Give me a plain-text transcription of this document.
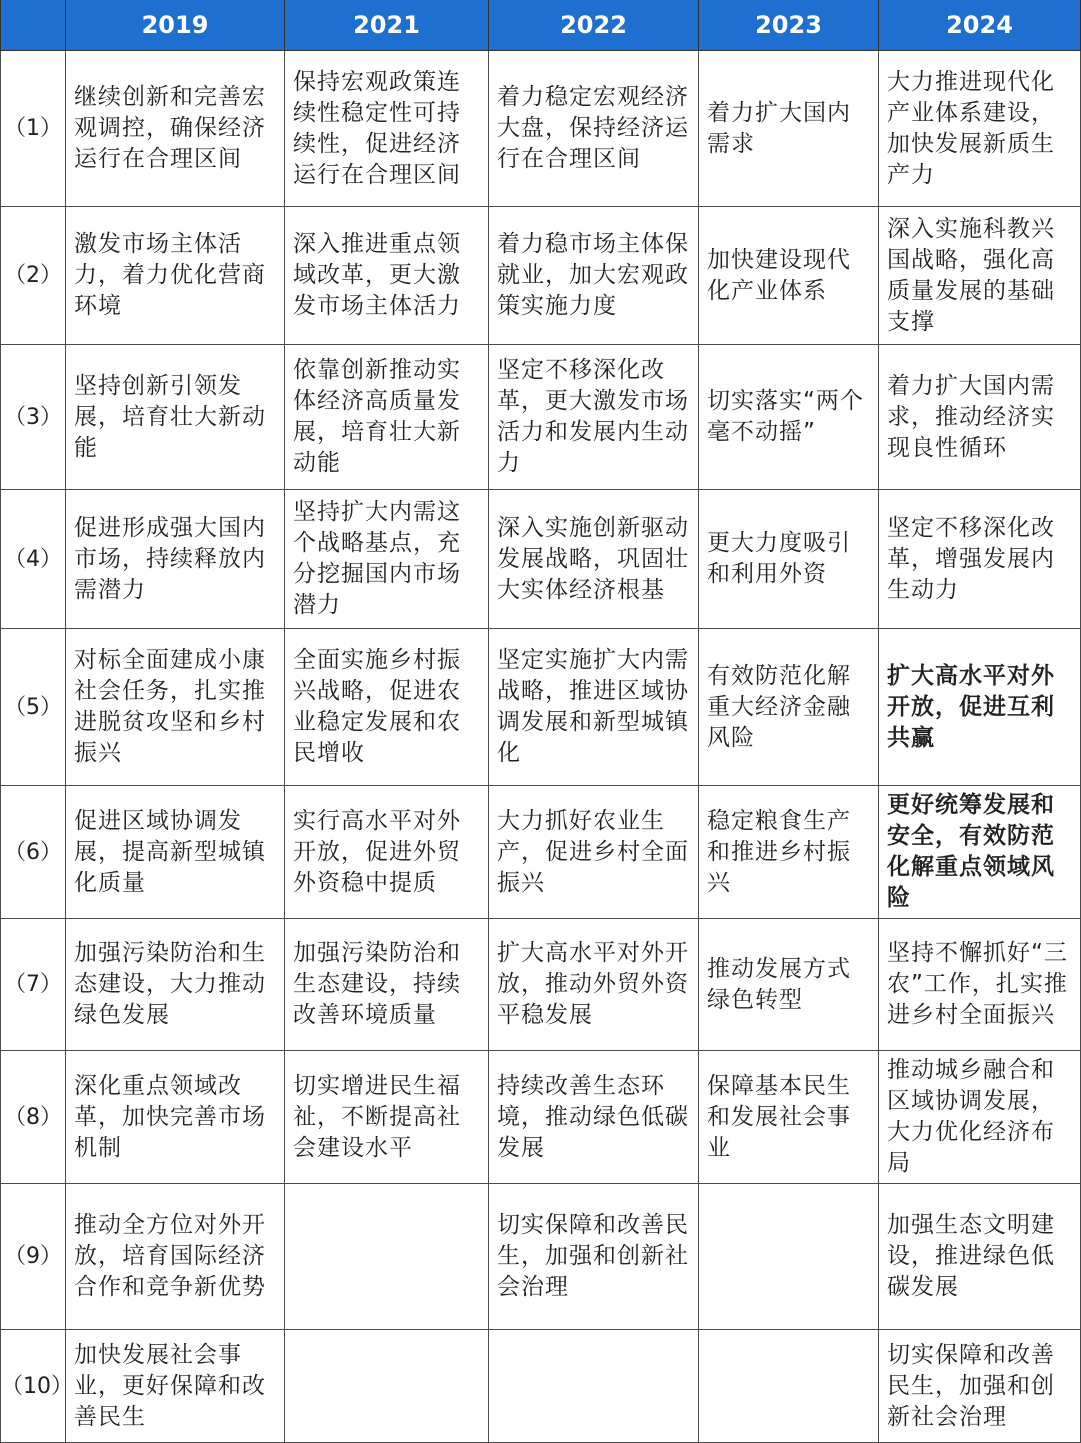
	2019	2021	2022	2023	2024
（1）	继续创新和完善宏观调控，确保经济运行在合理区间	保持宏观政策连续性稳定性可持续性，促进经济运行在合理区间	着力稳定宏观经济大盘，保持经济运行在合理区间	着力扩大国内需求	大力推进现代化产业体系建设，加快发展新质生产力
（2）	激发市场主体活力，着力优化营商环境	深入推进重点领域改革，更大激发市场主体活力	着力稳市场主体保就业，加大宏观政策实施力度	加快建设现代化产业体系	深入实施科教兴国战略，强化高质量发展的基础支撑
（3）	坚持创新引领发展，培育壮大新动能	依靠创新推动实体经济高质量发展，培育壮大新动能	坚定不移深化改革，更大激发市场活力和发展内生动力	切实落实“两个毫不动摇”	着力扩大国内需求，推动经济实现良性循环
（4）	促进形成强大国内市场，持续释放内需潜力	坚持扩大内需这个战略基点，充分挖掘国内市场潜力	深入实施创新驱动发展战略，巩固壮大实体经济根基	更大力度吸引和利用外资	坚定不移深化改革，增强发展内生动力
（5）	对标全面建成小康社会任务，扎实推进脱贫攻坚和乡村振兴	全面实施乡村振兴战略，促进农业稳定发展和农民增收	坚定实施扩大内需战略，推进区域协调发展和新型城镇化	有效防范化解重大经济金融风险	扩大高水平对外开放，促进互利共赢
（6）	促进区域协调发展，提高新型城镇化质量	实行高水平对外开放，促进外贸外资稳中提质	大力抓好农业生产，促进乡村全面振兴	稳定粮食生产和推进乡村振兴	更好统筹发展和安全，有效防范化解重点领域风险
（7）	加强污染防治和生态建设，大力推动绿色发展	加强污染防治和生态建设，持续改善环境质量	扩大高水平对外开放，推动外贸外资平稳发展	推动发展方式绿色转型	坚持不懈抓好“三农”工作，扎实推进乡村全面振兴
（8）	深化重点领域改革，加快完善市场机制	切实增进民生福祉，不断提高社会建设水平	持续改善生态环境，推动绿色低碳发展	保障基本民生和发展社会事业	推动城乡融合和区域协调发展，大力优化经济布局
（9）	推动全方位对外开放，培育国际经济合作和竞争新优势		切实保障和改善民生，加强和创新社会治理		加强生态文明建设，推进绿色低碳发展
（10）	加快发展社会事业，更好保障和改善民生				切实保障和改善民生，加强和创新社会治理
